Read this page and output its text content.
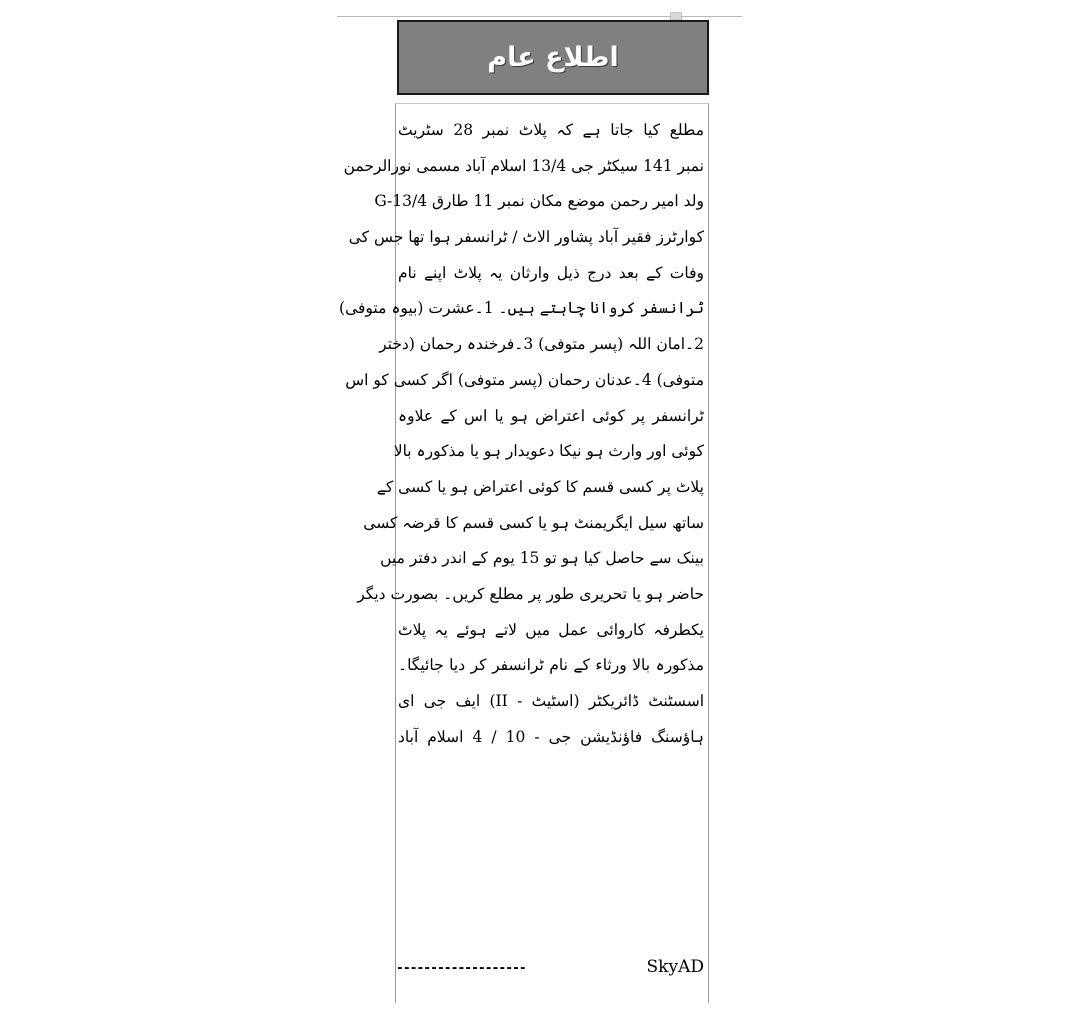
اطلاع عام
مطلع کیا جاتا ہے کہ پلاٹ نمبر 28 سٹریٹ
نمبر 141 سیکٹر جی 13/4 اسلام آباد مسمی نورالرحمن
ولد امیر رحمن موضع مکان نمبر 11 طارق G-13/4
کوارٹرز فقیر آباد پشاور الاٹ / ٹرانسفر ہوا تھا جس کی
وفات کے بعد درج ذیل وارثان یہ پلاٹ اپنے نام
ٹرانسفر کروانا چاہتے ہیں۔ 1۔عشرت (بیوہ متوفی)
2۔امان اللہ (پسر متوفی) 3۔فرخندہ رحمان (دختر
متوفی) 4۔عدنان رحمان (پسر متوفی) اگر کسی کو اس
ٹرانسفر پر کوئی اعتراض ہو یا اس کے علاوہ
کوئی اور وارث ہو نیکا دعویدار ہو یا مذکورہ بالا
پلاٹ پر کسی قسم کا کوئی اعتراض ہو یا کسی کے
ساتھ سیل ایگریمنٹ ہو یا کسی قسم کا قرضہ کسی
بینک سے حاصل کیا ہو تو 15 یوم کے اندر دفتر میں
حاضر ہو یا تحریری طور پر مطلع کریں۔ بصورت دیگر
یکطرفہ کاروائی عمل میں لاتے ہوئے یہ پلاٹ
مذکورہ بالا ورثاء کے نام ٹرانسفر کر دیا جائیگا۔
اسسٹنٹ ڈائریکٹر (اسٹیٹ - II) ایف جی ای
ہاؤسنگ فاؤنڈیشن جی - 10 / 4 اسلام آباد
-------------------	SkyAD
